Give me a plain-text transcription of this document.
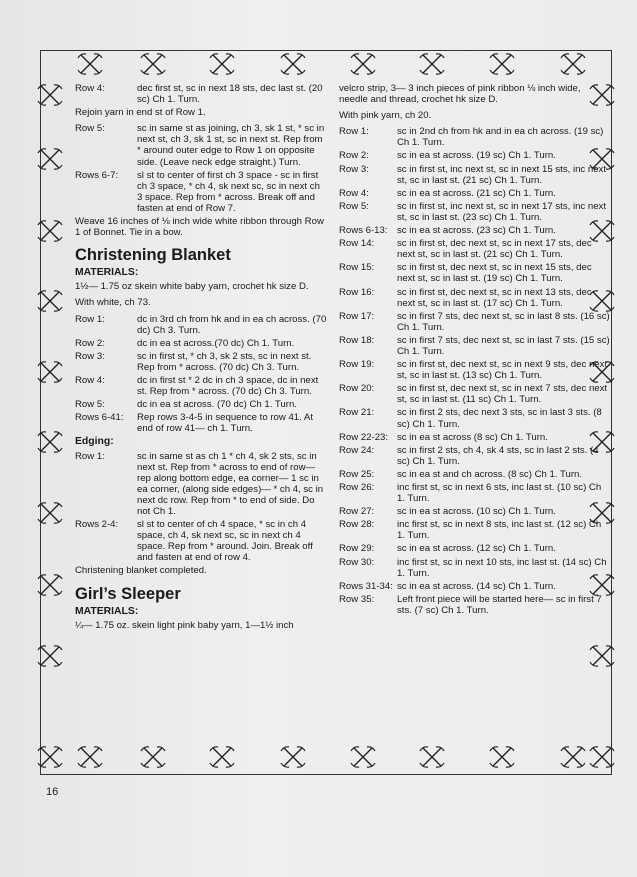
Row 4:	dec first st, sc in next 18 sts, dec last st. (20 sc) Ch 1. Turn.

Rejoin yarn in end st of Row 1.

Row 5:	sc in same st as joining, ch 3, sk 1 st, * sc in next st, ch 3, sk 1 st, sc in next st. Rep from * around outer edge to Row 1 on opposite side. (Leave neck edge straight.) Turn.
Rows 6-7:	sl st to center of first ch 3 space - sc in first ch 3 space, * ch 4, sk next sc, sc in next ch 3 space. Rep from * across. Break off and fasten at end of Row 7.

Weave 16 inches of ⅛ inch wide white ribbon through Row 1 of Bonnet. Tie in a bow.

Christening Blanket
MATERIALS:

1½— 1.75 oz skein white baby yarn, crochet hk size D.

With white, ch 73.

Row 1:	dc in 3rd ch from hk and in ea ch across. (70 dc) Ch 3. Turn.
Row 2:	dc in ea st across.(70 dc) Ch 1. Turn.
Row 3:	sc in first st, * ch 3, sk 2 sts, sc in next st. Rep from * across. (70 dc) Ch 3. Turn.
Row 4:	dc in first st * 2 dc in ch 3 space, dc in next st. Rep from * across. (70 dc) Ch 3. Turn.
Row 5:	dc in ea st across. (70 dc) Ch 1. Turn.
Rows 6-41:	Rep rows 3-4-5 in sequence to row 41. At end of row 41— ch 1. Turn.
Edging:
Row 1:	sc in same st as ch 1 * ch 4, sk 2 sts, sc in next st. Rep from * across to end of row— rep along bottom edge, ea corner— 1 sc in ea corner, (along side edges)— * ch 4, sc in next dc row. Rep from * to end of side. Do not Ch 1.
Rows 2-4:	sl st to center of ch 4 space, * sc in ch 4 space, ch 4, sk next sc, sc in next ch 4 space. Rep from * around. Join. Break off and fasten at end of row 4.

Christening blanket completed.

Girl’s Sleeper
MATERIALS:

¼— 1.75 oz. skein light pink baby yarn, 1—1½ inch

velcro strip, 3— 3 inch pieces of pink ribbon ⅛ inch wide, needle and thread, crochet hk size D.

With pink yarn, ch 20.

Row 1:	sc in 2nd ch from hk and in ea ch across. (19 sc) Ch 1. Turn.
Row 2:	sc in ea st across. (19 sc) Ch 1. Turn.
Row 3:	sc in first st, inc next st, sc in next 15 sts, inc next st, sc in last st. (21 sc) Ch 1. Turn.
Row 4:	sc in ea st across. (21 sc) Ch 1. Turn.
Row 5:	sc in first st, inc next st, sc in next 17 sts, inc next st, sc in last st. (23 sc) Ch 1. Turn.
Rows 6-13: sc in ea st across. (23 sc) Ch 1. Turn.
Row 14:	sc in first st, dec next st, sc in next 17 sts, dec next st, sc in last st. (21 sc) Ch 1. Turn.
Row 15:	sc in first st, dec next st, sc in next 15 sts, dec next st, sc in last st. (19 sc) Ch 1. Turn.
Row 16:	sc in first st, dec next st, sc in next 13 sts, dec next st, sc in last st. (17 sc) Ch 1. Turn.
Row 17:	sc in first 7 sts, dec next st, sc in last 8 sts. (16 sc) Ch 1. Turn.
Row 18:	sc in first 7 sts, dec next st, sc in last 7 sts. (15 sc) Ch 1. Turn.
Row 19:	sc in first st, dec next st, sc in next 9 sts, dec next st, sc in last st. (13 sc) Ch 1. Turn.
Row 20:	sc in first st, dec next st, sc in next 7 sts, dec next st, sc in last st. (11 sc) Ch 1. Turn.
Row 21:	sc in first 2 sts, dec next 3 sts, sc in last 3 sts. (8 sc) Ch 1. Turn.
Row 22-23: sc in ea st across (8 sc) Ch 1. Turn.
Row 24:	sc in first 2 sts, ch 4, sk 4 sts, sc in last 2 sts. (4 sc) Ch 1. Turn.
Row 25:	sc in ea st and ch across. (8 sc) Ch 1. Turn.
Row 26:	inc first st, sc in next 6 sts, inc last st. (10 sc) Ch 1. Turn.
Row 27:	sc in ea st across. (10 sc) Ch 1. Turn.
Row 28:	inc first st, sc in next 8 sts, inc last st. (12 sc) Ch 1. Turn.
Row 29:	sc in ea st across. (12 sc) Ch 1. Turn.
Row 30:	inc first st, sc in next 10 sts, inc last st. (14 sc) Ch 1. Turn.
Rows 31-34: sc in ea st across. (14 sc) Ch 1. Turn.
Row 35:	Left front piece will be started here— sc in first 7 sts. (7 sc) Ch 1. Turn.
16
